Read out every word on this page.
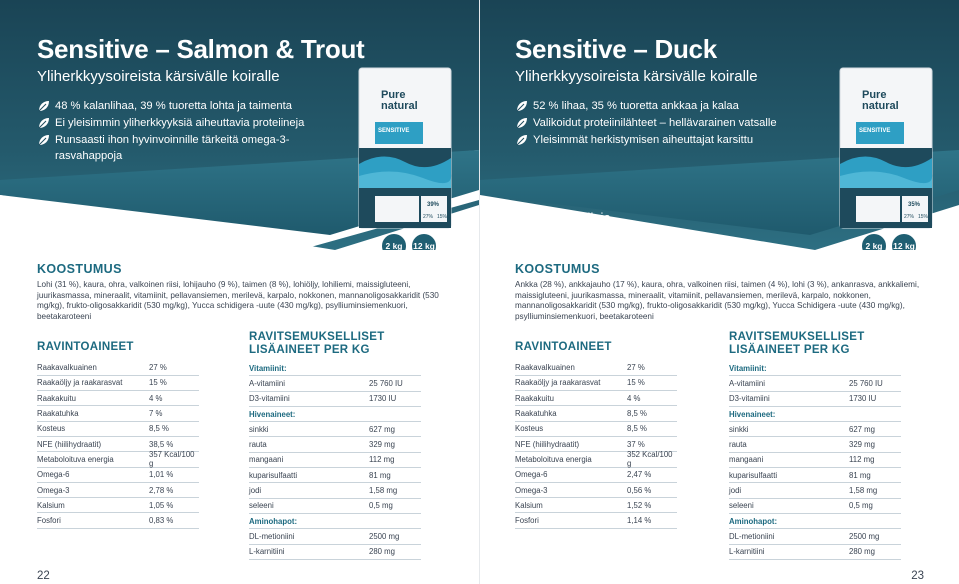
Sensitive – Salmon & Trout
Yliherkkyysoireista kärsivälle koiralle
48 % kalanlihaa, 39 % tuoretta lohta ja taimenta
Ei yleisimmin yliherkkyyksiä aiheuttavia proteiineja
Runsaasti ihon hyvinvoinnille tärkeitä omega-3-rasvahappoja
Pure
natural
SENSITIVE
39%
27% 15%
27 % proteiinia
15 % rasvaa	2 kg	12 kg
KOOSTUMUS

Lohi (31 %), kaura, ohra, valkoinen riisi, lohijauho (9 %), taimen (8 %), lohiöljy, lohiliemi, maissigluteeni, juurikasmassa, mineraalit, vitamiinit, pellavansiemen, merilevä, karpalo, nokkonen, mannanoligosakkaridit (530 mg/kg), frukto-oligosakkaridit (530 mg/kg), Yucca schidigera -uute (430 mg/kg), psylliuminsiemenkuori, beetakaroteeni

RAVINTOAINEET
Raakavalkuainen	27 %
Raakaöljy ja raakarasvat	15 %
Raakakuitu	4 %
Raakatuhka	7 %
Kosteus	8,5 %
NFE (hiilihydraatit)	38,5 %
Metaboloituva energia	357 Kcal/100 g
Omega-6	1,01 %
Omega-3	2,78 %
Kalsium	1,05 %
Fosfori	0,83 %
RAVITSEMUKSELLISET LISÄAINEET PER KG
Vitamiinit:
A-vitamiini	25 760 IU
D3-vitamiini	1730 IU
Hivenaineet:
sinkki	627 mg
rauta	329 mg
mangaani	112 mg
kuparisulfaatti	81 mg
jodi	1,58 mg
seleeni	0,5 mg
Aminohapot:
DL-metioniini	2500 mg
L-karnitiini	280 mg
22
Sensitive – Duck
Yliherkkyysoireista kärsivälle koiralle
52 % lihaa, 35 % tuoretta ankkaa ja kalaa
Valikoidut proteiinilähteet – hellävarainen vatsalle
Yleisimmät herkistymisen aiheuttajat karsittu
Pure
natural
SENSITIVE
35%
27% 15%
27 % proteiinia
15 % rasvaa	2 kg	12 kg
KOOSTUMUS

Ankka (28 %), ankkajauho (17 %), kaura, ohra, valkoinen riisi, taimen (4 %), lohi (3 %), ankanrasva, ankkaliemi, maissigluteeni, juurikasmassa, mineraalit, vitamiinit, pellavansiemen, merilevä, karpalo, nokkonen, mannanoligosakkaridit (530 mg/kg), frukto-oligosakkaridit (530 mg/kg), Yucca Schidigera -uute (430 mg/kg), psylliuminsiemenkuori, beetakaroteeni

RAVINTOAINEET
Raakavalkuainen	27 %
Raakaöljy ja raakarasvat	15 %
Raakakuitu	4 %
Raakatuhka	8,5 %
Kosteus	8,5 %
NFE (hiilihydraatit)	37 %
Metaboloituva energia	352 Kcal/100 g
Omega-6	2,47 %
Omega-3	0,56 %
Kalsium	1,52 %
Fosfori	1,14 %
RAVITSEMUKSELLISET LISÄAINEET PER KG
Vitamiinit:
A-vitamiini	25 760 IU
D3-vitamiini	1730 IU
Hivenaineet:
sinkki	627 mg
rauta	329 mg
mangaani	112 mg
kuparisulfaatti	81 mg
jodi	1,58 mg
seleeni	0,5 mg
Aminohapot:
DL-metioniini	2500 mg
L-karnitiini	280 mg
23
